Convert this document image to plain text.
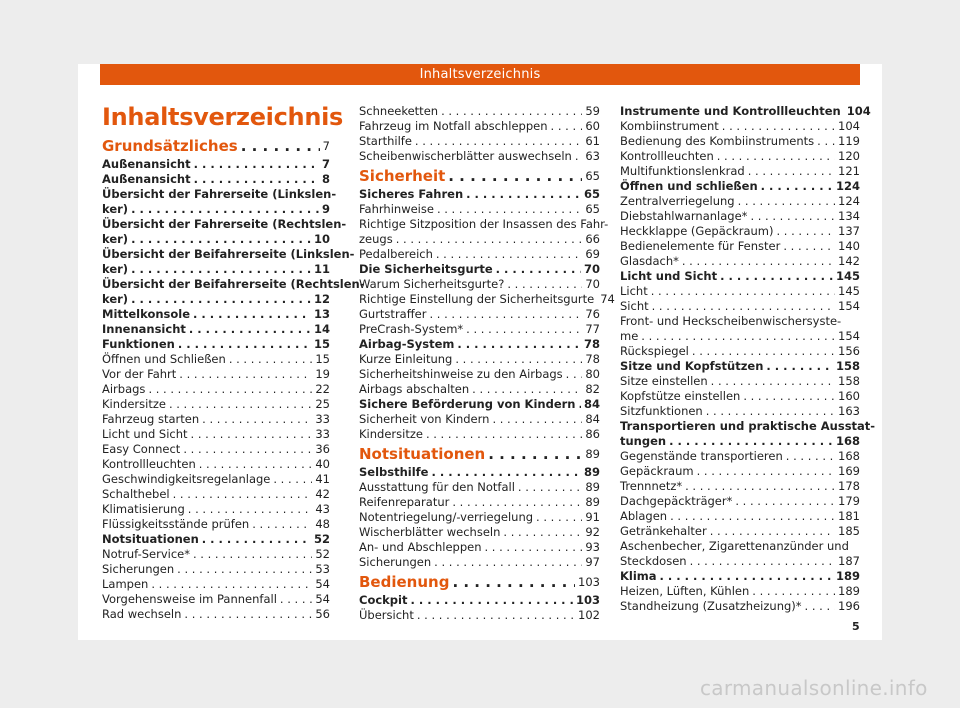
Inhaltsverzeichnis
Inhaltsverzeichnis
Grundsätzliches . . .	7
Außenansicht . . .	7
Außenansicht . . .	8
Übersicht der Fahrerseite (Linkslen-
ker) . . .	9
Übersicht der Fahrerseite (Rechtslen-
ker) . . .	10
Übersicht der Beifahrerseite (Linkslen-
ker) . . .	11
Übersicht der Beifahrerseite (Rechtslen-
ker) . . .	12
Mittelkonsole . . .	13
Innenansicht . . .	14
Funktionen . . .	15
Öffnen und Schließen . . .	15
Vor der Fahrt . . .	19
Airbags . . .	22
Kindersitze . . .	25
Fahrzeug starten . . .	33
Licht und Sicht . . .	33
Easy Connect . . .	36
Kontrollleuchten . . .	40
Geschwindigkeitsregelanlage . . .	41
Schalthebel . . .	42
Klimatisierung . . .	43
Flüssigkeitsstände prüfen . . .	48
Notsituationen . . .	52
Notruf-Service* . . .	52
Sicherungen . . .	53
Lampen . . .	54
Vorgehensweise im Pannenfall . . .	54
Rad wechseln . . .	56
Schneeketten . . .	59
Fahrzeug im Notfall abschleppen . . .	60
Starthilfe . . .	61
Scheibenwischerblätter auswechseln . . . 63
Sicherheit . . .	65
Sicheres Fahren . . .	65
Fahrhinweise . . .	65
Richtige Sitzposition der Insassen des Fahr-
zeugs . . .	66
Pedalbereich . . .	69
Die Sicherheitsgurte . . .	70
Warum Sicherheitsgurte? . . .	70
Richtige Einstellung der Sicherheitsgurte 74
Gurtstraffer . . .	76
PreCrash-System* . . .	77
Airbag-System . . .	78
Kurze Einleitung . . .	78
Sicherheitshinweise zu den Airbags . . . 80
Airbags abschalten . . .	82
Sichere Beförderung von Kindern . . . 84
Sicherheit von Kindern . . .	84
Kindersitze . . .	86
Notsituationen . . .	89
Selbsthilfe . . .	89
Ausstattung für den Notfall . . .	89
Reifenreparatur . . .	89
Notentriegelung/-verriegelung . . .	91
Wischerblätter wechseln . . .	92
An- und Abschleppen . . .	93
Sicherungen . . .	97
Bedienung . . .	103
Cockpit . . .	103
Übersicht . . .	102
Instrumente und Kontrollleuchten 104
Kombiinstrument . . .	104
Bedienung des Kombiinstruments . . . 119
Kontrollleuchten . . .	120
Multifunktionslenkrad . . .	121
Öffnen und schließen . . .	124
Zentralverriegelung . . .	124
Diebstahlwarnanlage* . . .	134
Heckklappe (Gepäckraum) . . .	137
Bedienelemente für Fenster . . .	140
Glasdach* . . .	142
Licht und Sicht . . .	145
Licht . . .	145
Sicht . . .	154
Front- und Heckscheibenwischersyste-
me . . .	154
Rückspiegel . . .	156
Sitze und Kopfstützen . . .	158
Sitze einstellen . . .	158
Kopfstütze einstellen . . .	160
Sitzfunktionen . . .	163
Transportieren und praktische Ausstat-
tungen . . .	168
Gegenstände transportieren . . .	168
Gepäckraum . . .	169
Trennnetz* . . .	178
Dachgepäckträger* . . .	179
Ablagen . . .	181
Getränkehalter . . .	185
Aschenbecher, Zigarettenanzünder und
Steckdosen . . .	187
Klima . . .	189
Heizen, Lüften, Kühlen . . .	189
Standheizung (Zusatzheizung)* . . .	196
5
carmanualsonline.info
